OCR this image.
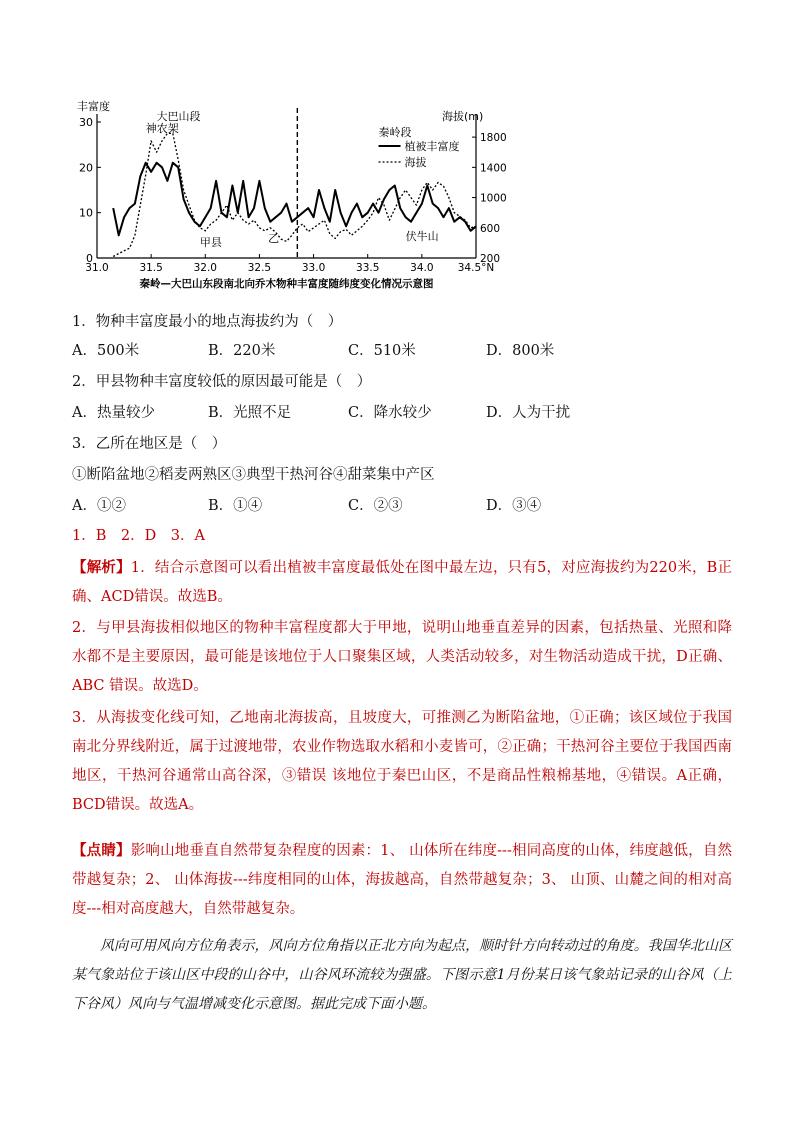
0
10
20
30
200
600
1000
1400
1800
31.0	31.5	32.0	32.5	33.0	33.5	34.0 34.5°N
丰富度
海拔(m)
大巴山段
秦岭段
神农架
甲县	乙	伏牛山
植被丰富度
海拔
秦岭—大巴山东段南北向乔木物种丰富度随纬度变化情况示意图
1．物种丰富度最小的地点海拔约为（　）
A．500米	B．220米	C．510米	D．800米
2．甲县物种丰富度较低的原因最可能是（　）
A．热量较少	B．光照不足	C．降水较少	D．人为干扰
3．乙所在地区是（　）
①断陷盆地②稻麦两熟区③典型干热河谷④甜菜集中产区
A．①②	B．①④	C．②③	D．③④
1．B　2．D　3．A
【解析】1．结合示意图可以看出植被丰富度最低处在图中最左边，只有5，对应海拔约为220米，B正确、ACD错误。故选B。
2．与甲县海拔相似地区的物种丰富程度都大于甲地，说明山地垂直差异的因素，包括热量、光照和降水都不是主要原因，最可能是该地位于人口聚集区域，人类活动较多，对生物活动造成干扰，D正确、ABC 错误。故选D。
3．从海拔变化线可知，乙地南北海拔高，且坡度大，可推测乙为断陷盆地，①正确；该区域位于我国南北分界线附近，属于过渡地带，农业作物选取水稻和小麦皆可，②正确；干热河谷主要位于我国西南地区，干热河谷通常山高谷深，③错误 该地位于秦巴山区，不是商品性粮棉基地，④错误。A正确，BCD错误。故选A。
【点睛】影响山地垂直自然带复杂程度的因素：1、 山体所在纬度---相同高度的山体，纬度越低，自然带越复杂；2、 山体海拔---纬度相同的山体，海拔越高，自然带越复杂；3、 山顶、山麓之间的相对高度---相对高度越大，自然带越复杂。
风向可用风向方位角表示，风向方位角指以正北方向为起点，顺时针方向转动过的角度。我国华北山区某气象站位于该山区中段的山谷中，山谷风环流较为强盛。下图示意1月份某日该气象站记录的山谷风（上下谷风）风向与气温增减变化示意图。据此完成下面小题。
